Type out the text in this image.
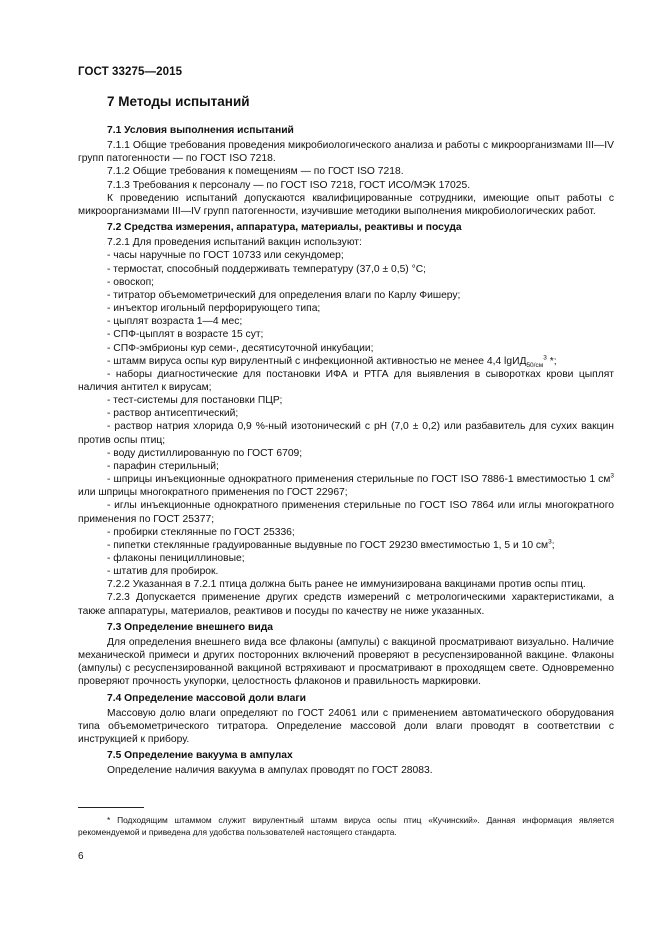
ГОСТ 33275—2015
7 Методы испытаний

7.1 Условия выполнения испытаний

7.1.1 Общие требования проведения микробиологического анализа и работы с микроорганизмами III—IV групп патогенности — по ГОСТ ISO 7218.

7.1.2 Общие требования к помещениям — по ГОСТ ISO 7218.

7.1.3 Требования к персоналу — по ГОСТ ISO 7218, ГОСТ ИСО/МЭК 17025.

К проведению испытаний допускаются квалифицированные сотрудники, имеющие опыт работы с микроорганизмами III—IV групп патогенности, изучившие методики выполнения микробиологических работ.

7.2 Средства измерения, аппаратура, материалы, реактивы и посуда

7.2.1 Для проведения испытаний вакцин используют:

- часы наручные по ГОСТ 10733 или секундомер;

- термостат, способный поддерживать температуру (37,0 ± 0,5) °С;

- овоскоп;

- титратор объемометрический для определения влаги по Карлу Фишеру;

- инъектор игольный перфорирующего типа;

- цыплят возраста 1—4 мес;

- СПФ-цыплят в возрасте 15 сут;

- СПФ-эмбрионы кур семи-, десятисуточной инкубации;

- штамм вируса оспы кур вирулентный с инфекционной активностью не менее 4,4 lgИД$_{50/см}^3$ *;

- наборы диагностические для постановки ИФА и РТГА для выявления в сыворотках крови цыплят наличия антител к вирусам;

- тест-системы для постановки ПЦР;

- раствор антисептический;

- раствор натрия хлорида 0,9 %-ный изотонический с рН (7,0 ± 0,2) или разбавитель для сухих вакцин против оспы птиц;

- воду дистиллированную по ГОСТ 6709;

- парафин стерильный;

- шприцы инъекционные однократного применения стерильные по ГОСТ ISO 7886-1 вместимостью 1 $см^3$ или шприцы многократного применения по ГОСТ 22967;

- иглы инъекционные однократного применения стерильные по ГОСТ ISO 7864 или иглы многократного применения по ГОСТ 25377;

- пробирки стеклянные по ГОСТ 25336;

- пипетки стеклянные градуированные выдувные по ГОСТ 29230 вместимостью 1, 5 и 10 $см^3$;

- флаконы пенициллиновые;

- штатив для пробирок.

7.2.2 Указанная в 7.2.1 птица должна быть ранее не иммунизирована вакцинами против оспы птиц.

7.2.3 Допускается применение других средств измерений с метрологическими характеристиками, а также аппаратуры, материалов, реактивов и посуды по качеству не ниже указанных.

7.3 Определение внешнего вида

Для определения внешнего вида все флаконы (ампулы) с вакциной просматривают визуально. Наличие механической примеси и других посторонних включений проверяют в ресуспензированной вакцине. Флаконы (ампулы) с ресуспензированной вакциной встряхивают и просматривают в проходящем свете. Одновременно проверяют прочность укупорки, целостность флаконов и правильность маркировки.

7.4 Определение массовой доли влаги

Массовую долю влаги определяют по ГОСТ 24061 или с применением автоматического оборудования типа объемометрического титратора. Определение массовой доли влаги проводят в соответствии с инструкцией к прибору.

7.5 Определение вакуума в ампулах

Определение наличия вакуума в ампулах проводят по ГОСТ 28083.

* Подходящим штаммом служит вирулентный штамм вируса оспы птиц «Кучинский». Данная информация является рекомендуемой и приведена для удобства пользователей настоящего стандарта.

6
